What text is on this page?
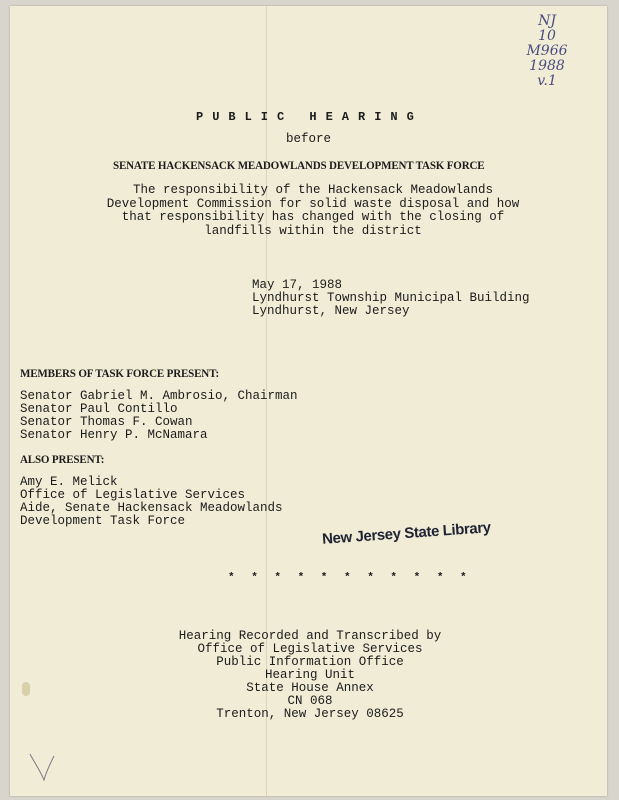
NJ
10
M966
1988
v.1
PUBLIC HEARING
before
SENATE HACKENSACK MEADOWLANDS DEVELOPMENT TASK FORCE
The responsibility of the Hackensack Meadowlands
Development Commission for solid waste disposal and how
that responsibility has changed with the closing of
landfills within the district
May 17, 1988
Lyndhurst Township Municipal Building
Lyndhurst, New Jersey
MEMBERS OF TASK FORCE PRESENT:
Senator Gabriel M. Ambrosio, Chairman
Senator Paul Contillo
Senator Thomas F. Cowan
Senator Henry P. McNamara
ALSO PRESENT:
Amy E. Melick
Office of Legislative Services
Aide, Senate Hackensack Meadowlands
Development Task Force	New Jersey State Library
* * * * * * * * * * *
Hearing Recorded and Transcribed by
Office of Legislative Services
Public Information Office
Hearing Unit
State House Annex
CN 068
Trenton, New Jersey 08625
